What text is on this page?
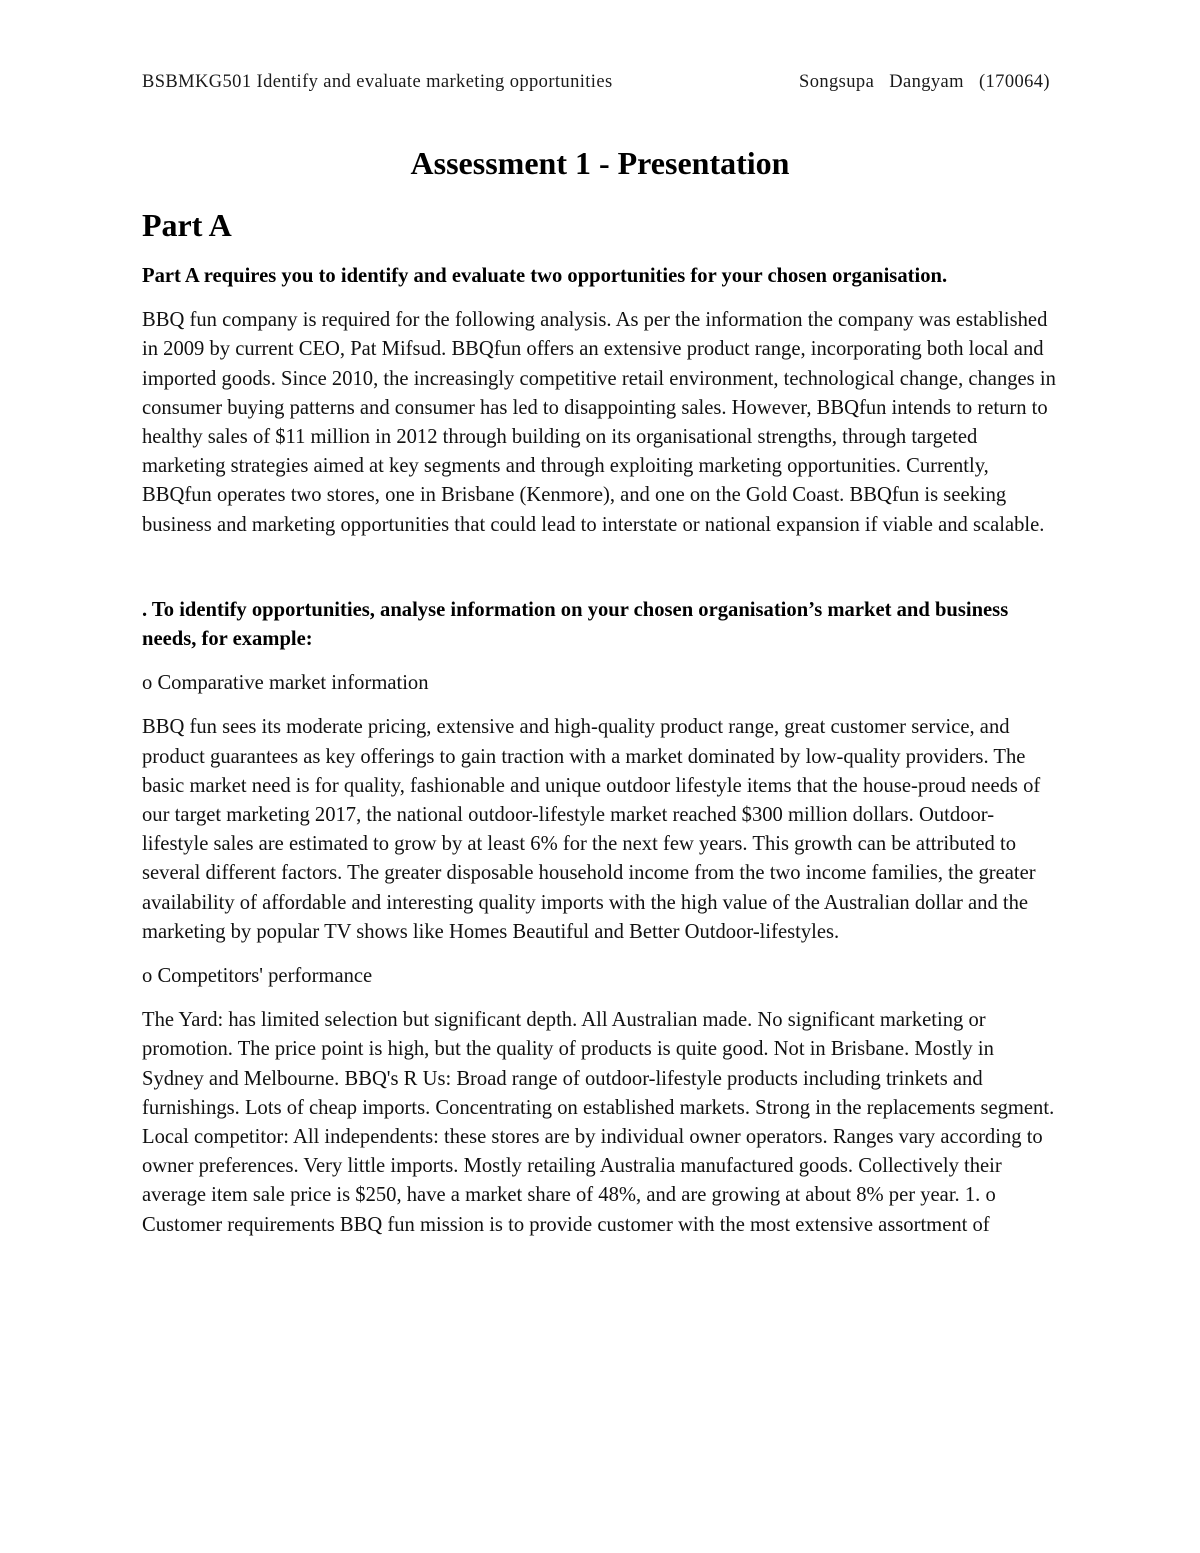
BSBMKG501 Identify and evaluate marketing opportunities	Songsupa Dangyam (170064)
Assessment 1 - Presentation
Part A

Part A requires you to identify and evaluate two opportunities for your chosen organisation.

BBQ fun company is required for the following analysis. As per the information the company was established in 2009 by current CEO, Pat Mifsud. BBQfun offers an extensive product range, incorporating both local and imported goods. Since 2010, the increasingly competitive retail environment, technological change, changes in consumer buying patterns and consumer has led to disappointing sales. However, BBQfun intends to return to healthy sales of $11 million in 2012 through building on its organisational strengths, through targeted marketing strategies aimed at key segments and through exploiting marketing opportunities. Currently, BBQfun operates two stores, one in Brisbane (Kenmore), and one on the Gold Coast. BBQfun is seeking business and marketing opportunities that could lead to interstate or national expansion if viable and scalable.

. To identify opportunities, analyse information on your chosen organisation’s market and business needs, for example:

o Comparative market information

BBQ fun sees its moderate pricing, extensive and high-quality product range, great customer service, and product guarantees as key offerings to gain traction with a market dominated by low-quality providers. The basic market need is for quality, fashionable and unique outdoor lifestyle items that the house-proud needs of our target marketing 2017, the national outdoor-lifestyle market reached $300 million dollars. Outdoor-lifestyle sales are estimated to grow by at least 6% for the next few years. This growth can be attributed to several different factors. The greater disposable household income from the two income families, the greater availability of affordable and interesting quality imports with the high value of the Australian dollar and the marketing by popular TV shows like Homes Beautiful and Better Outdoor-lifestyles.

o Competitors' performance

The Yard: has limited selection but significant depth. All Australian made. No significant marketing or promotion. The price point is high, but the quality of products is quite good. Not in Brisbane. Mostly in Sydney and Melbourne. BBQ's R Us: Broad range of outdoor-lifestyle products including trinkets and furnishings. Lots of cheap imports. Concentrating on established markets. Strong in the replacements segment. Local competitor: All independents: these stores are by individual owner operators. Ranges vary according to owner preferences. Very little imports. Mostly retailing Australia manufactured goods. Collectively their average item sale price is $250, have a market share of 48%, and are growing at about 8% per year. 1. o Customer requirements BBQ fun mission is to provide customer with the most extensive assortment of
